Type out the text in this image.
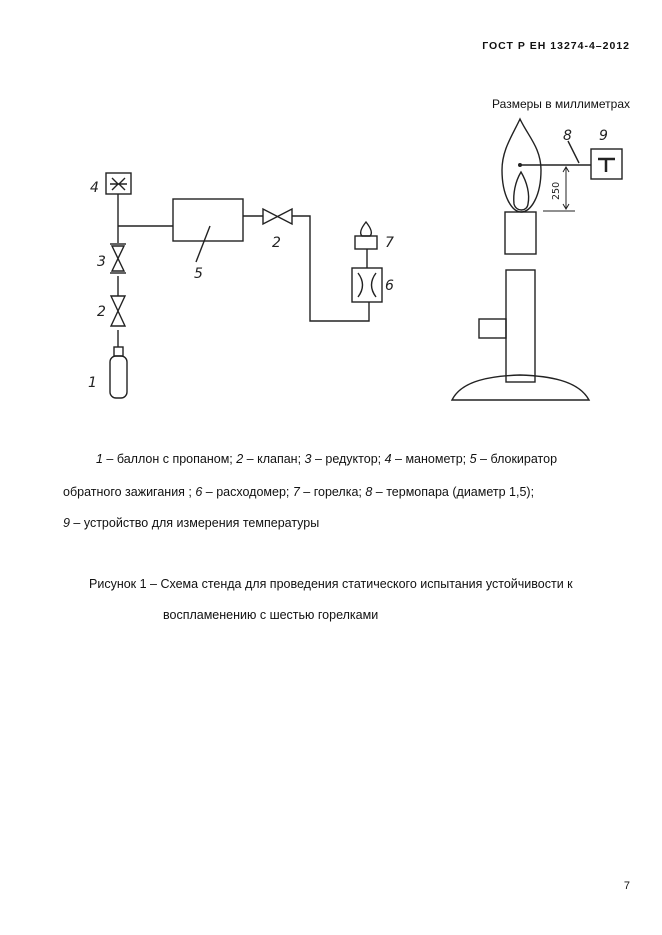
ГОСТ Р ЕН 13274-4–2012
Размеры в миллиметрах
1
2
3
4
5
2
6
7
8 9
250
1 – баллон с пропаном; 2 – клапан; 3 – редуктор; 4 – манометр; 5 – блокиратор
обратного зажигания ; 6 – расходомер; 7 – горелка; 8 – термопара (диаметр 1,5);
9 – устройство для измерения температуры
Рисунок 1 – Схема стенда для проведения статического испытания устойчивости к
воспламенению с шестью горелками
7
